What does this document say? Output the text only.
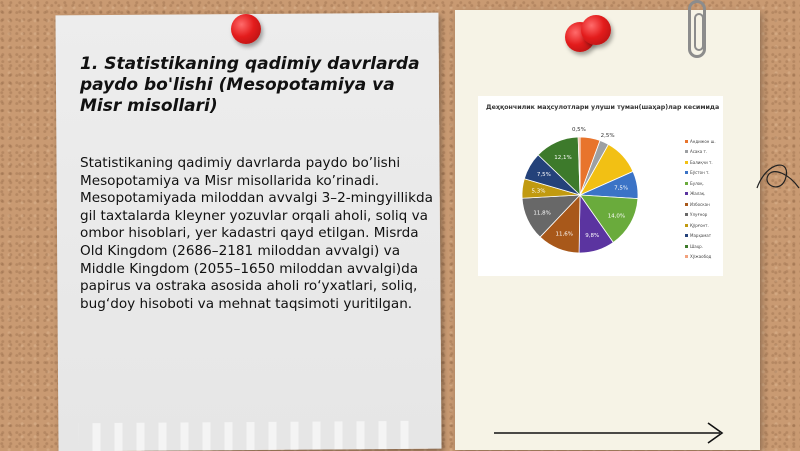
1. Statistikaning qadimiy davrlarda paydo bo'lishi (Mesopotamiya va Misr misollari)
Statistikaning qadimiy davrlarda paydo bo’lishi Mesopotamiya va Misr misollarida ko’rinadi. Mesopotamiyada miloddan avvalgi 3–2-mingyillikda gil taxtalarda kleyner yozuvlar orqali aholi, soliq va ombor hisoblari, yer kadastri qayd etilgan. Misrda Old Kingdom (2686–2181 miloddan avvalgi) va Middle Kingdom (2055–1650 miloddan avvalgi)da papirus va ostraka asosida aholi ro‘yxatlari, soliq, bug‘doy hisoboti va mehnat taqsimoti yuritilgan.
Деҳқончилик маҳсулотлари улуши туман(шаҳар)лар кесимида
2,5%
7,5%
14,0%
9,8%
11,6%
11,8%
5,3%
7,5%
12,1%
0,5%
Андижон ш.
Асака т.
Балиқчи т.
Бўстон т.
Булоқ.
Жалақ.
Избоскан
Улуғнор
Қўрғонт.
Марҳамат
Шаҳр.
Хўжаобод
